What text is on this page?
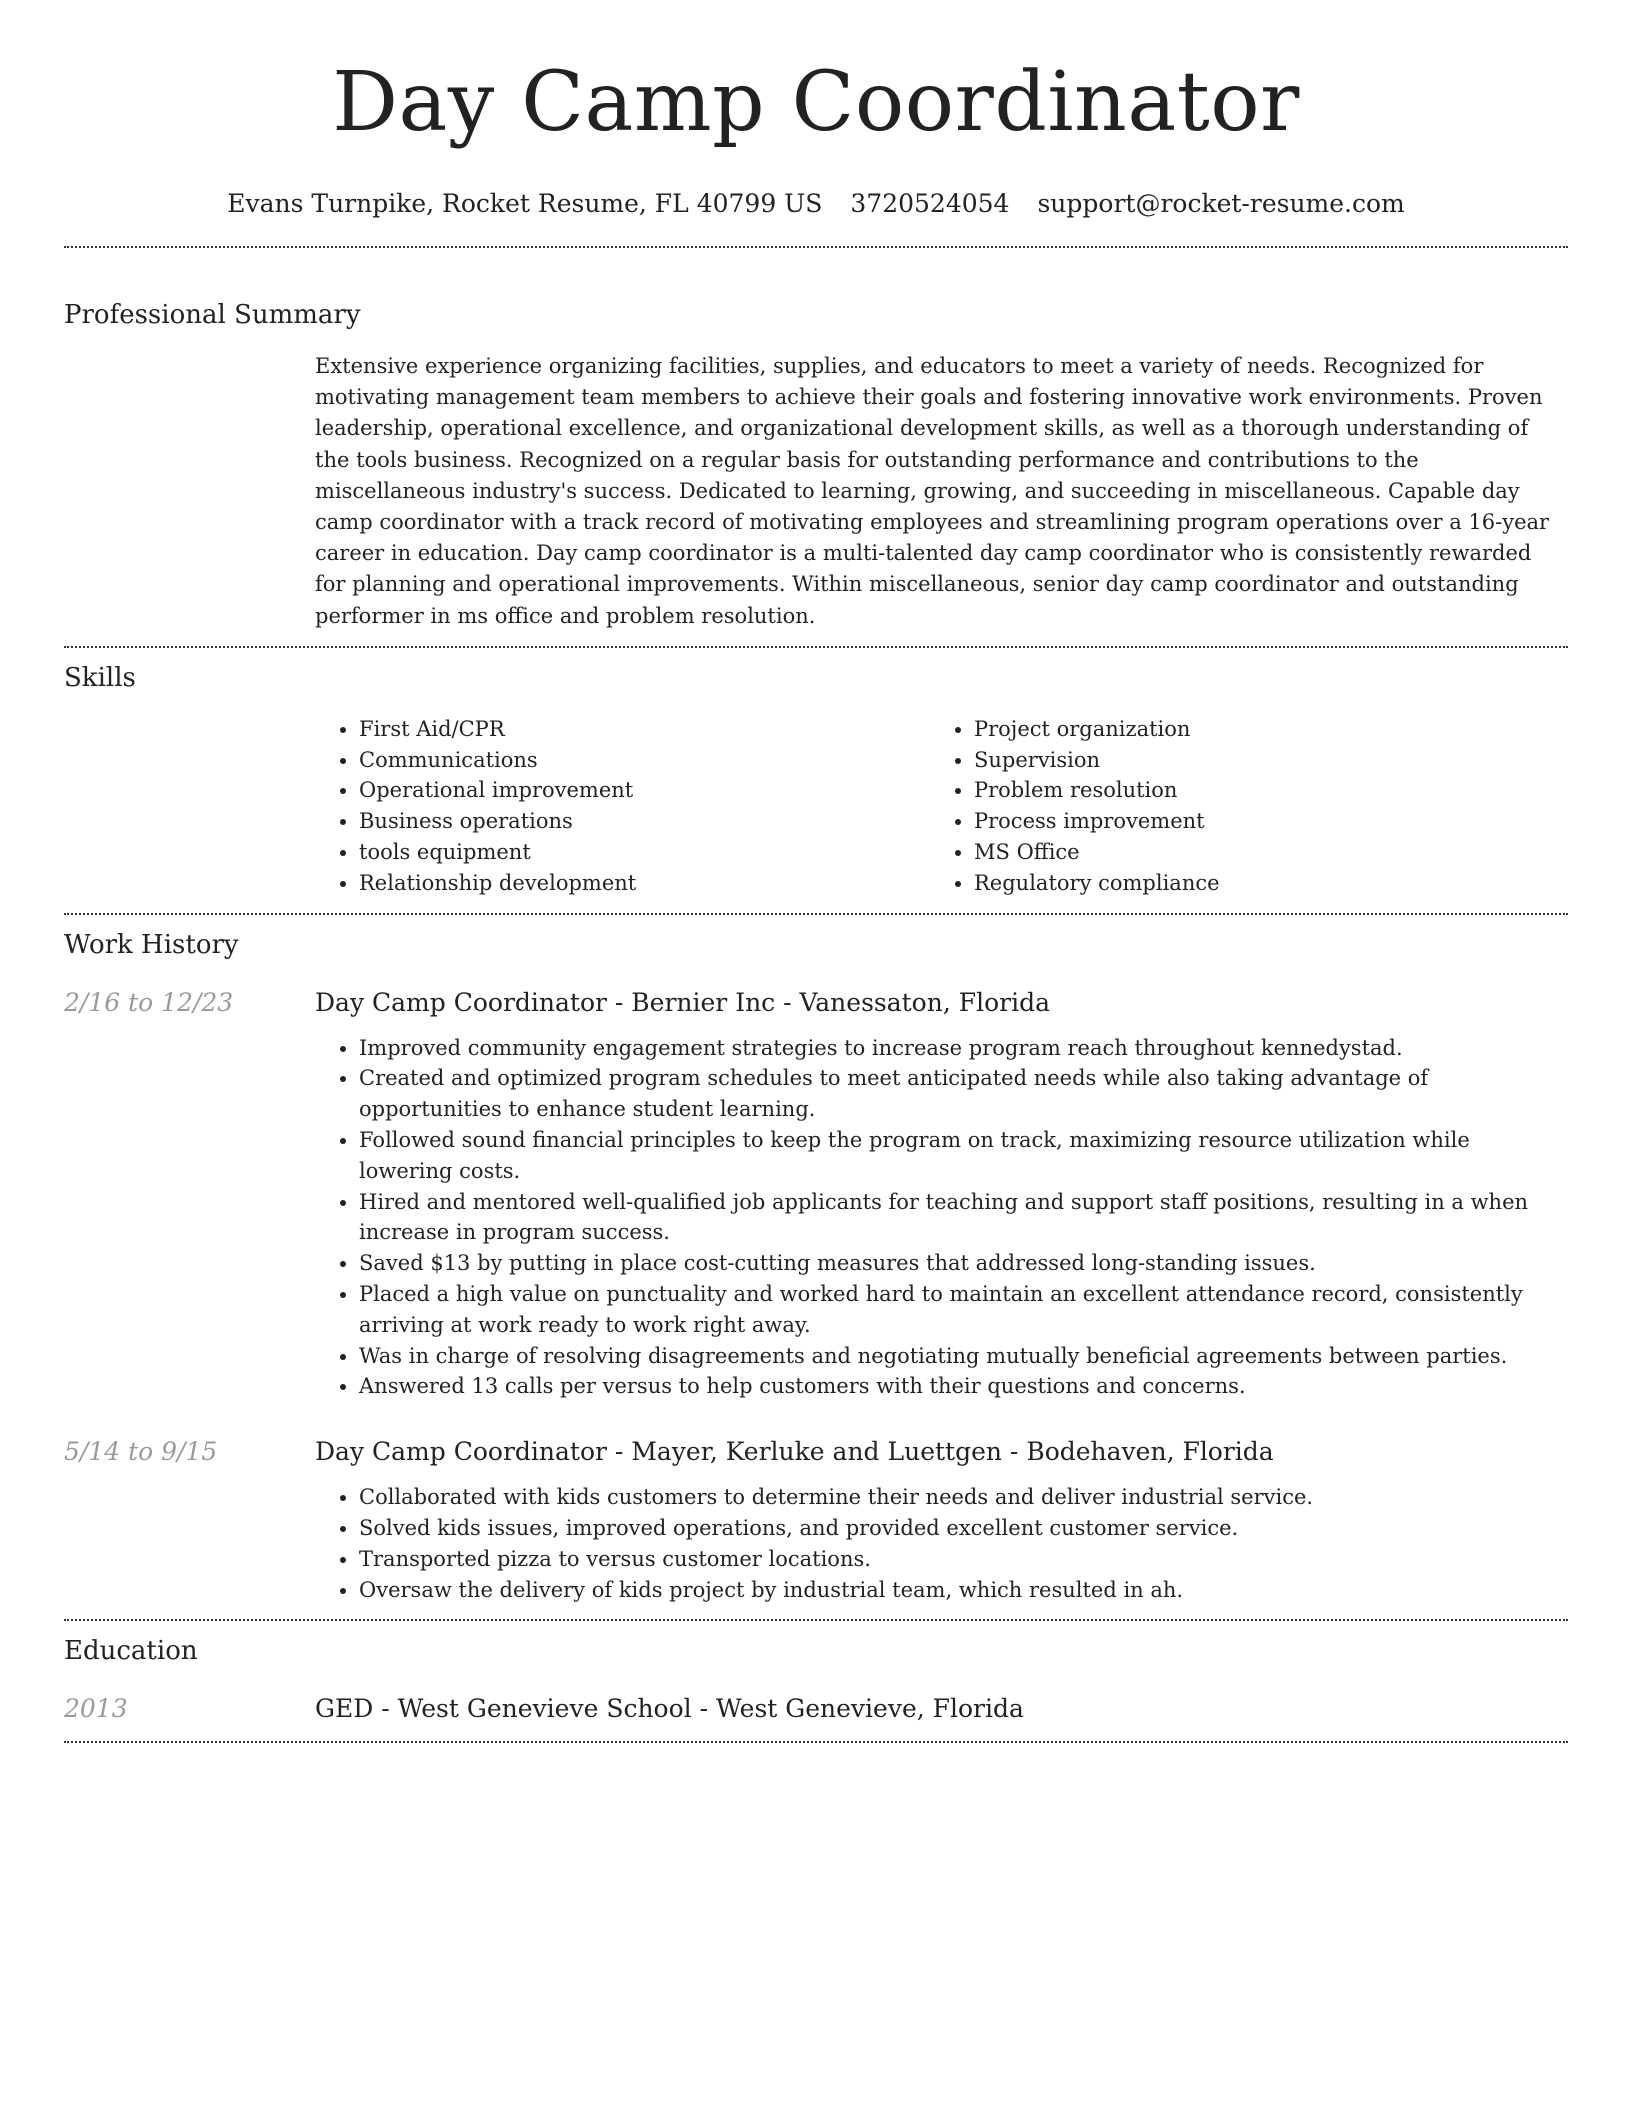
Day Camp Coordinator
Evans Turnpike, Rocket Resume, FL 40799 US 3720524054 support@rocket-resume.com
Professional Summary
Extensive experience organizing facilities, supplies, and educators to meet a variety of needs. Recognized for motivating management team members to achieve their goals and fostering innovative work environments. Proven leadership, operational excellence, and organizational development skills, as well as a thorough understanding of the tools business. Recognized on a regular basis for outstanding performance and contributions to the miscellaneous industry's success. Dedicated to learning, growing, and succeeding in miscellaneous. Capable day camp coordinator with a track record of motivating employees and streamlining program operations over a 16-year career in education. Day camp coordinator is a multi-talented day camp coordinator who is consistently rewarded for planning and operational improvements. Within miscellaneous, senior day camp coordinator and outstanding performer in ms office and problem resolution.
Skills
• First Aid/CPR
• Communications
• Operational improvement
• Business operations
• tools equipment
• Relationship development
• Project organization
• Supervision
• Problem resolution
• Process improvement
• MS Office
• Regulatory compliance
Work History
2/16 to 12/23	Day Camp Coordinator - Bernier Inc - Vanessaton, Florida
• Improved community engagement strategies to increase program reach throughout kennedystad.
• Created and optimized program schedules to meet anticipated needs while also taking advantage of opportunities to enhance student learning.
• Followed sound financial principles to keep the program on track, maximizing resource utilization while lowering costs.
• Hired and mentored well-qualified job applicants for teaching and support staff positions, resulting in a when increase in program success.
• Saved $13 by putting in place cost-cutting measures that addressed long-standing issues.
• Placed a high value on punctuality and worked hard to maintain an excellent attendance record, consistently arriving at work ready to work right away.
• Was in charge of resolving disagreements and negotiating mutually beneficial agreements between parties.
• Answered 13 calls per versus to help customers with their questions and concerns.
5/14 to 9/15	Day Camp Coordinator - Mayer, Kerluke and Luettgen - Bodehaven, Florida
• Collaborated with kids customers to determine their needs and deliver industrial service.
• Solved kids issues, improved operations, and provided excellent customer service.
• Transported pizza to versus customer locations.
• Oversaw the delivery of kids project by industrial team, which resulted in ah.
Education
2013	GED - West Genevieve School - West Genevieve, Florida
